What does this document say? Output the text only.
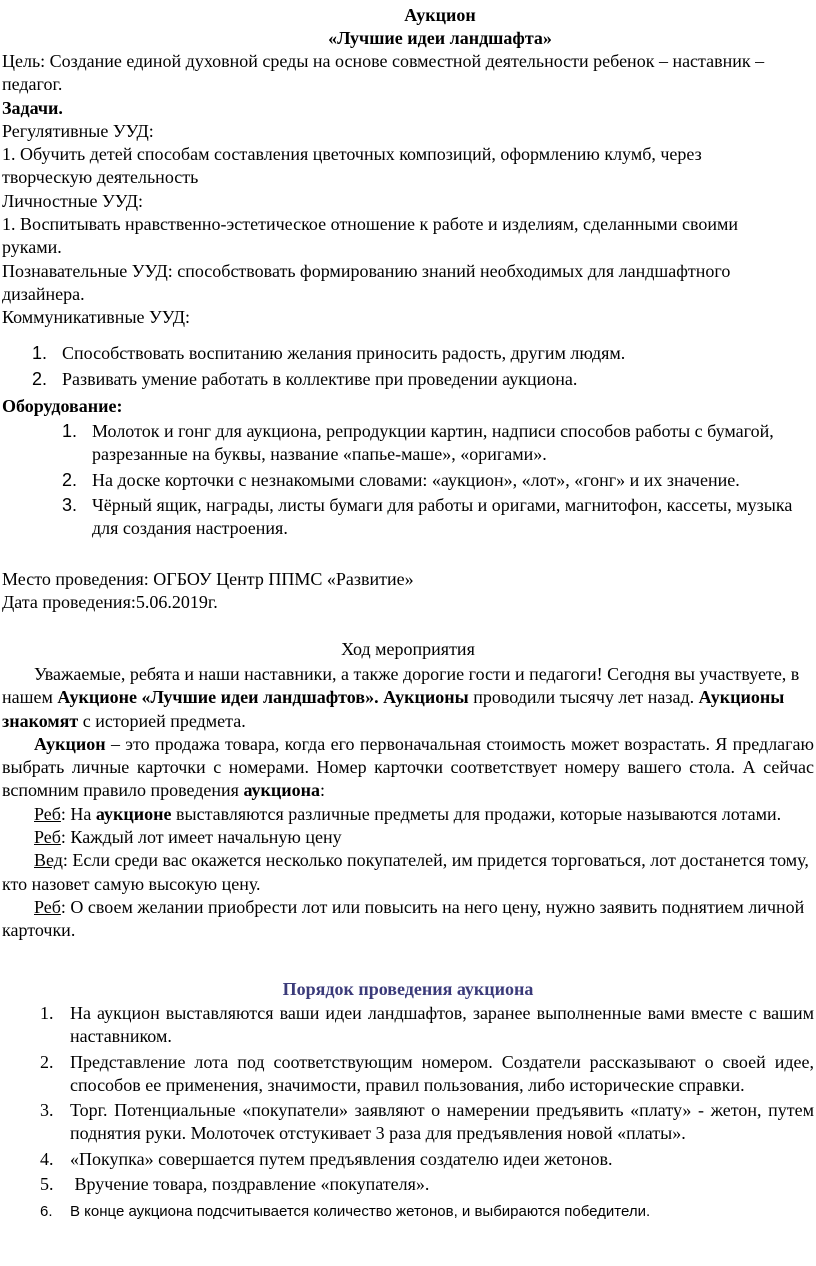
Аукцион
«Лучшие идеи ландшафта»

Цель: Создание единой духовной среды на основе совместной деятельности ребенок – наставник – педагог.

Задачи.

Регулятивные УУД:

1. Обучить детей способам составления цветочных композиций, оформлению клумб, через творческую деятельность

Личностные УУД:

1. Воспитывать нравственно-эстетическое отношение к работе и изделиям, сделанными своими руками.

Познавательные УУД: способствовать формированию знаний необходимых для ландшафтного дизайнера.

Коммуникативные УУД:

1. Способствовать воспитанию желания приносить радость, другим людям.
2. Развивать умение работать в коллективе при проведении аукциона.

Оборудование:

1. Молоток и гонг для аукциона, репродукции картин, надписи способов работы с бумагой, разрезанные на буквы, название «папье-маше», «оригами».
2. На доске корточки с незнакомыми словами: «аукцион», «лот», «гонг» и их значение.
3. Чёрный ящик, награды, листы бумаги для работы и оригами, магнитофон, кассеты, музыка для создания настроения.

Место проведения: ОГБОУ Центр ППМС «Развитие»

Дата проведения:5.06.2019г.

Ход мероприятия

Уважаемые, ребята и наши наставники, а также дорогие гости и педагоги! Сегодня вы участвуете, в нашем Аукционе «Лучшие идеи ландшафтов». Аукционы проводили тысячу лет назад. Аукционы знакомят с историей предмета.

Аукцион – это продажа товара, когда его первоначальная стоимость может возрастать. Я предлагаю выбрать личные карточки с номерами. Номер карточки соответствует номеру вашего стола. А сейчас вспомним правило проведения аукциона:

Реб: На аукционе выставляются различные предметы для продажи, которые называются лотами.

Реб: Каждый лот имеет начальную цену

Вед: Если среди вас окажется несколько покупателей, им придется торговаться, лот достанется тому, кто назовет самую высокую цену.

Реб: О своем желании приобрести лот или повысить на него цену, нужно заявить поднятием личной карточки.

Порядок проведения аукциона

1. На аукцион выставляются ваши идеи ландшафтов, заранее выполненные вами вместе с вашим наставником.
2. Представление лота под соответствующим номером. Создатели рассказывают о своей идее, способов ее применения, значимости, правил пользования, либо исторические справки.
3. Торг. Потенциальные «покупатели» заявляют о намерении предъявить «плату» - жетон, путем поднятия руки. Молоточек отстукивает 3 раза для предъявления новой «платы».
4. «Покупка» совершается путем предъявления создателю идеи жетонов.
5. Вручение товара, поздравление «покупателя».
6.	В конце аукциона подсчитывается количество жетонов, и выбираются победители.
